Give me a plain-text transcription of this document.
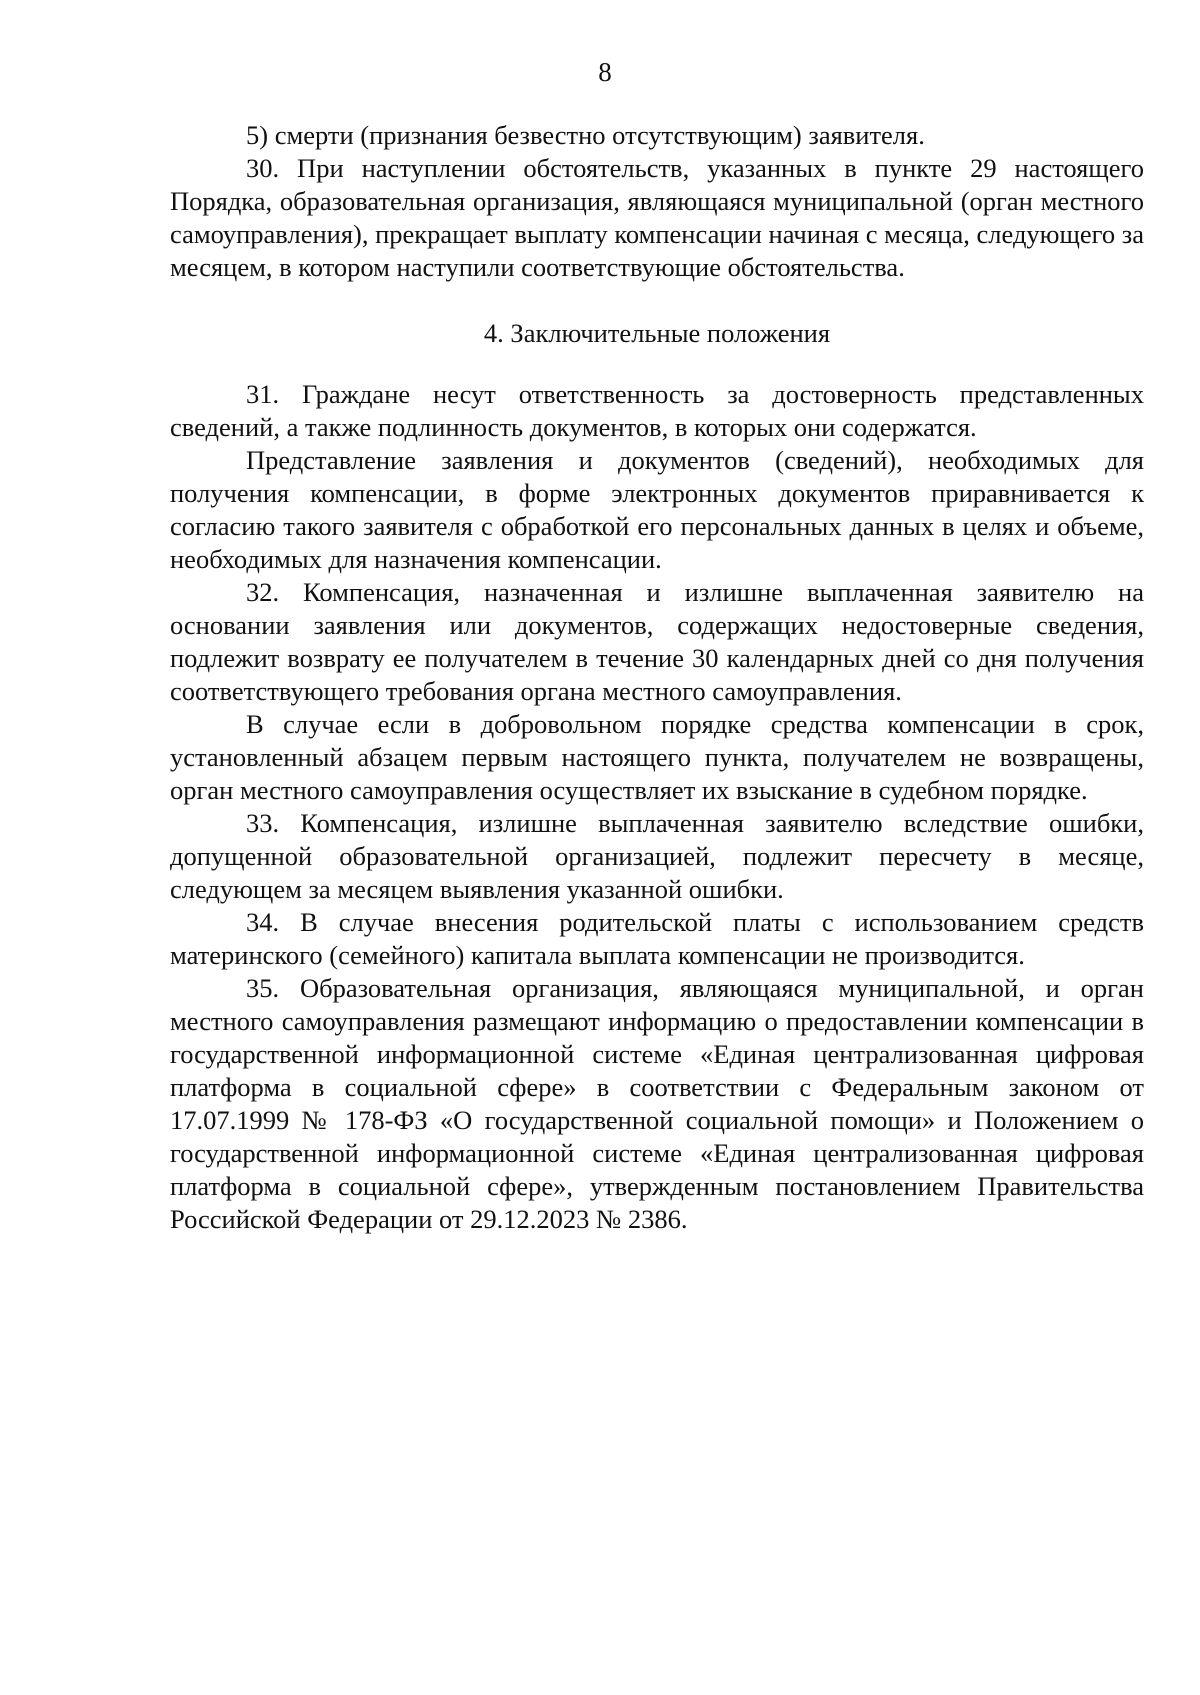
8

5) смерти (признания безвестно отсутствующим) заявителя.

30. При наступлении обстоятельств, указанных в пункте 29 настоящего Порядка, образовательная организация, являющаяся муниципальной (орган местного самоуправления), прекращает выплату компенсации начиная с месяца, следующего за месяцем, в котором наступили соответствующие обстоятельства.

4. Заключительные положения

31. Граждане несут ответственность за достоверность представленных сведений, а также подлинность документов, в которых они содержатся.

Представление заявления и документов (сведений), необходимых для получения компенсации, в форме электронных документов приравнивается к согласию такого заявителя с обработкой его персональных данных в целях и объеме, необходимых для назначения компенсации.

32. Компенсация, назначенная и излишне выплаченная заявителю на основании заявления или документов, содержащих недостоверные сведения, подлежит возврату ее получателем в течение 30 календарных дней со дня получения соответствующего требования органа местного самоуправления.

В случае если в добровольном порядке средства компенсации в срок, установленный абзацем первым настоящего пункта, получателем не возвращены, орган местного самоуправления осуществляет их взыскание в судебном порядке.

33. Компенсация, излишне выплаченная заявителю вследствие ошибки, допущенной образовательной организацией, подлежит пересчету в месяце, следующем за месяцем выявления указанной ошибки.

34. В случае внесения родительской платы с использованием средств материнского (семейного) капитала выплата компенсации не производится.

35. Образовательная организация, являющаяся муниципальной, и орган местного самоуправления размещают информацию о предоставлении компенсации в государственной информационной системе «Единая централизованная цифровая платформа в социальной сфере» в соответствии с Федеральным законом от 17.07.1999 № 178-ФЗ «О государственной социальной помощи» и Положением о государственной информационной системе «Единая централизованная цифровая платформа в социальной сфере», утвержденным постановлением Правительства Российской Федерации от 29.12.2023 № 2386.
